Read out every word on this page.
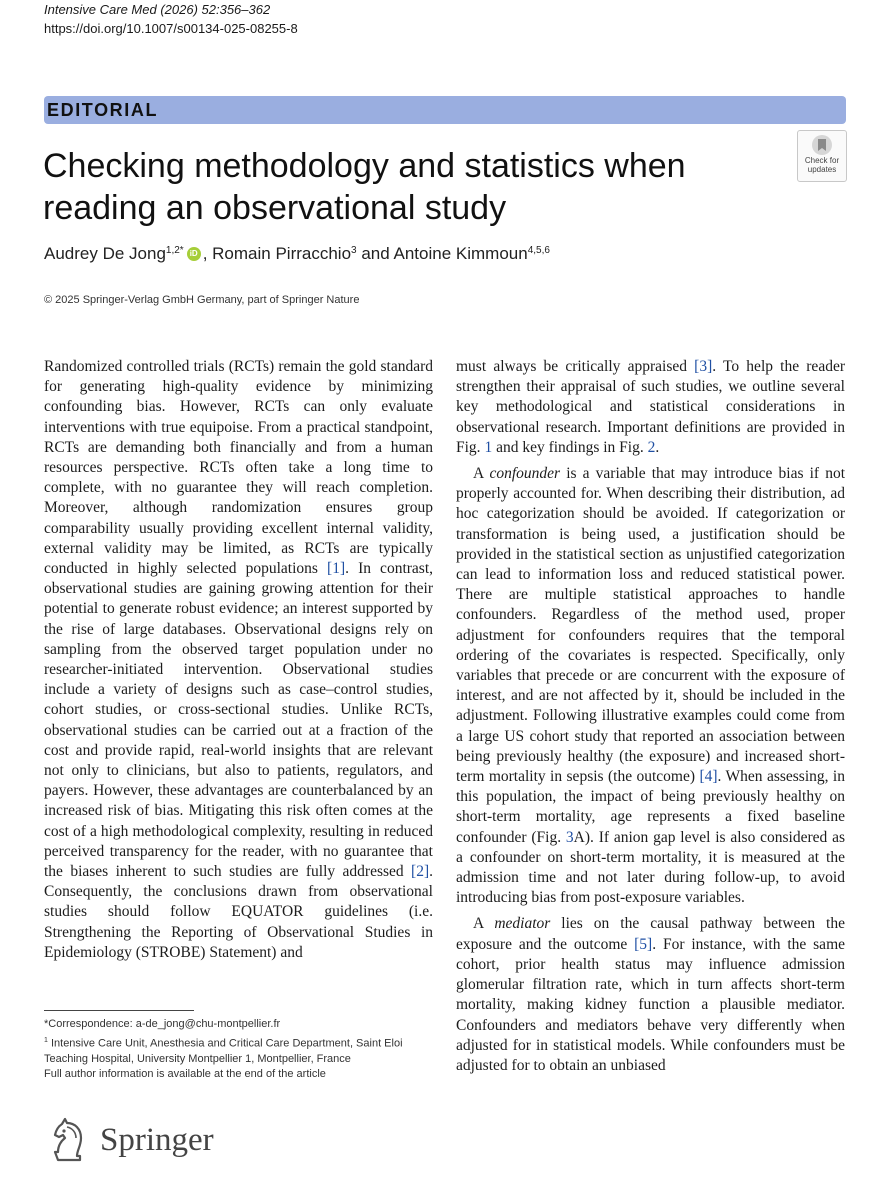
Intensive Care Med (2026) 52:356–362
https://doi.org/10.1007/s00134-025-08255-8
EDITORIAL
Check for
updates
Checking methodology and statistics when reading an observational study
Audrey De Jong$^{1,2*}$ iD , Romain Pirracchio$^3$ and Antoine Kimmoun$^{4,5,6}$
© 2025 Springer-Verlag GmbH Germany, part of Springer Nature

Randomized controlled trials (RCTs) remain the gold standard for generating high-quality evidence by minimizing confounding bias. However, RCTs can only evaluate interventions with true equipoise. From a practical standpoint, RCTs are demanding both financially and from a human resources perspective. RCTs often take a long time to complete, with no guarantee they will reach completion. Moreover, although randomization ensures group comparability usually providing excellent internal validity, external validity may be limited, as RCTs are typically conducted in highly selected populations [1]. In contrast, observational studies are gaining growing attention for their potential to generate robust evidence; an interest supported by the rise of large databases. Observational designs rely on sampling from the observed target population under no researcher-initiated intervention. Observational studies include a variety of designs such as case–control studies, cohort studies, or cross-sectional studies. Unlike RCTs, observational studies can be carried out at a fraction of the cost and provide rapid, real-world insights that are relevant not only to clinicians, but also to patients, regulators, and payers. However, these advantages are counterbalanced by an increased risk of bias. Mitigating this risk often comes at the cost of a high methodological complexity, resulting in reduced perceived transparency for the reader, with no guarantee that the biases inherent to such studies are fully addressed [2]. Consequently, the conclusions drawn from observational studies should follow EQUATOR guidelines (i.e. Strengthening the Reporting of Observational Studies in Epidemiology (STROBE) Statement) and

must always be critically appraised [3]. To help the reader strengthen their appraisal of such studies, we outline several key methodological and statistical considerations in observational research. Important definitions are provided in Fig. 1 and key findings in Fig. 2.

A confounder is a variable that may introduce bias if not properly accounted for. When describing their distribution, ad hoc categorization should be avoided. If categorization or transformation is being used, a justification should be provided in the statistical section as unjustified categorization can lead to information loss and reduced statistical power. There are multiple statistical approaches to handle confounders. Regardless of the method used, proper adjustment for confounders requires that the temporal ordering of the covariates is respected. Specifically, only variables that precede or are concurrent with the exposure of interest, and are not affected by it, should be included in the adjustment. Following illustrative examples could come from a large US cohort study that reported an association between being previously healthy (the exposure) and increased short-term mortality in sepsis (the outcome) [4]. When assessing, in this population, the impact of being previously healthy on short-term mortality, age represents a fixed baseline confounder (Fig. 3A). If anion gap level is also considered as a confounder on short-term mortality, it is measured at the admission time and not later during follow-up, to avoid introducing bias from post-exposure variables.

A mediator lies on the causal pathway between the exposure and the outcome [5]. For instance, with the same cohort, prior health status may influence admission glomerular filtration rate, which in turn affects short-term mortality, making kidney function a plausible mediator. Confounders and mediators behave very differently when adjusted for in statistical models. While confounders must be adjusted for to obtain an unbiased

*Correspondence: a-de_jong@chu-montpellier.fr
$^1$ Intensive Care Unit, Anesthesia and Critical Care Department, Saint Eloi Teaching Hospital, University Montpellier 1, Montpellier, France
Full author information is available at the end of the article
Springer
